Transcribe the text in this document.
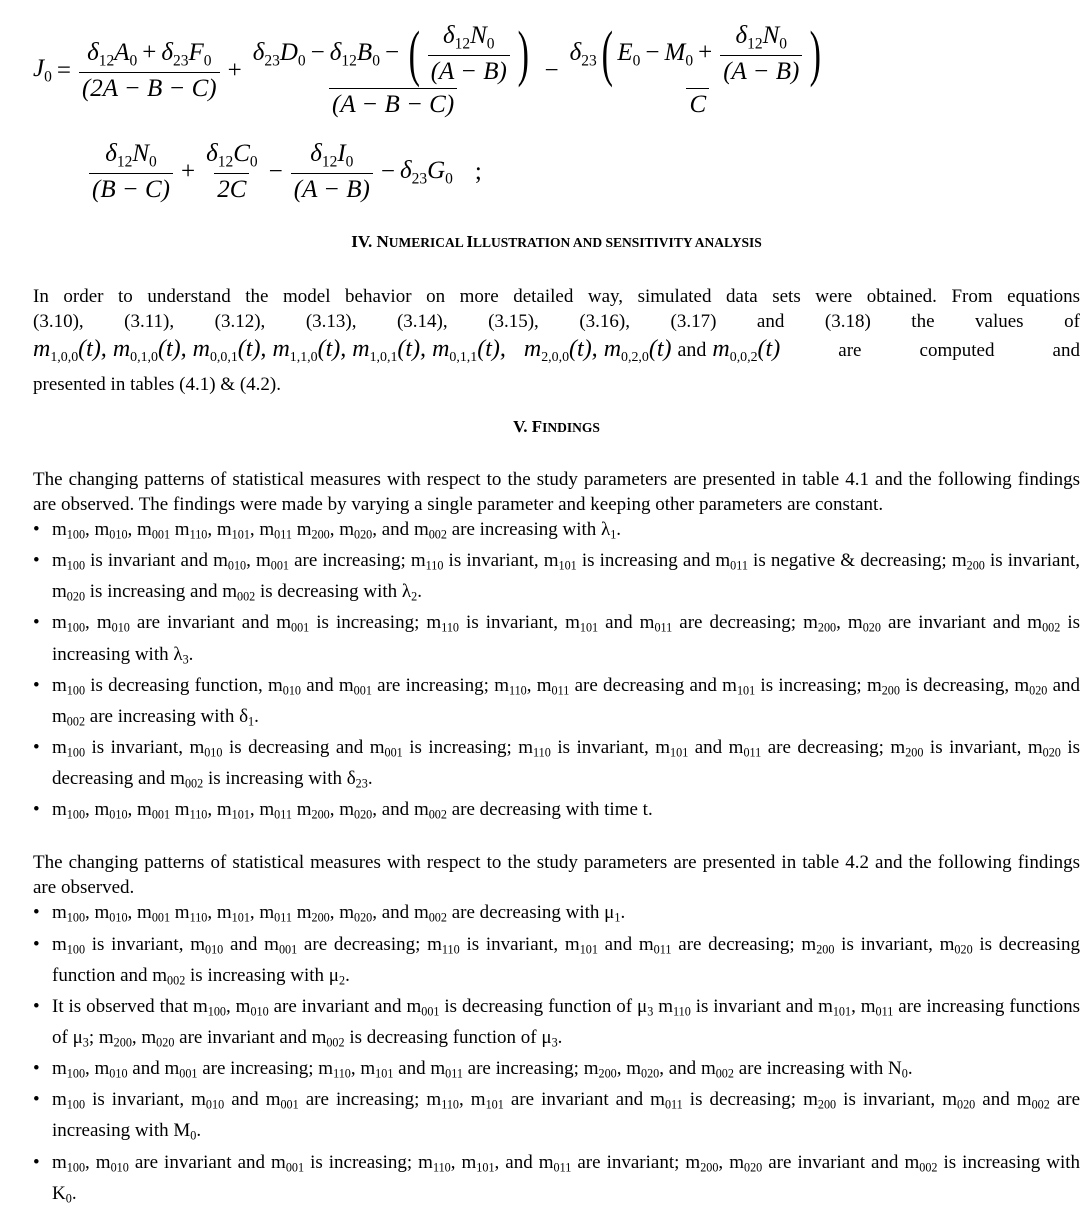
$J_0 = \frac{\delta_{12}A_0 + \delta_{23}F_0}{(2A - B - C)}$ +
$\delta_{23}D_0 - \delta_{12}B_0$ − ( $\frac{\delta_{12}N_0}{(A - B)}$ )
(A − B − C)
−
$\delta_{23}$ ( $E_0 - M_0 + \frac{\delta_{12}N_0}{(A - B)}$ )
C
$\frac{\delta_{12}N_0}{(B - C)} + \frac{\delta_{12}C_0}{2C} - \frac{\delta_{12}I_0}{(A - B)} - \delta_{23}G_0$ ;
IV. NUMERICAL ILLUSTRATION AND SENSITIVITY ANALYSIS

In order to understand the model behavior on more detailed way, simulated data sets were obtained. From equations

(3.10), (3.11), (3.12), (3.13), (3.14), (3.15), (3.16), (3.17) and (3.18) the values of
$m_{1,0,0}(t)$, $m_{0,1,0}(t)$, $m_{0,0,1}(t)$, $m_{1,1,0}(t)$, $m_{1,0,1}(t)$, $m_{0,1,1}(t)$,   $m_{2,0,0}(t)$, $m_{0,2,0}(t)$ and $m_{0,0,2}(t)$	are	computed	and

presented in tables (4.1) & (4.2).

V. FINDINGS

The changing patterns of statistical measures with respect to the study parameters are presented in table 4.1 and the following findings are observed. The findings were made by varying a single parameter and keeping other parameters are constant.

• m100, m010, m001 m110, m101, m011 m200, m020, and m002 are increasing with λ1.
• m100 is invariant and m010, m001 are increasing; m110 is invariant, m101 is increasing and m011 is negative & decreasing; m200 is invariant, m020 is increasing and m002 is decreasing with λ2.
• m100, m010 are invariant and m001 is increasing; m110 is invariant, m101 and m011 are decreasing; m200, m020 are invariant and m002 is increasing with λ3.
• m100 is decreasing function, m010 and m001 are increasing; m110, m011 are decreasing and m101 is increasing; m200 is decreasing, m020 and m002 are increasing with δ1.
• m100 is invariant, m010 is decreasing and m001 is increasing; m110 is invariant, m101 and m011 are decreasing; m200 is invariant, m020 is decreasing and m002 is increasing with δ23.
• m100, m010, m001 m110, m101, m011 m200, m020, and m002 are decreasing with time t.

The changing patterns of statistical measures with respect to the study parameters are presented in table 4.2 and the following findings are observed.

• m100, m010, m001 m110, m101, m011 m200, m020, and m002 are decreasing with μ1.
• m100 is invariant, m010 and m001 are decreasing; m110 is invariant, m101 and m011 are decreasing; m200 is invariant, m020 is decreasing function and m002 is increasing with μ2.
• It is observed that m100, m010 are invariant and m001 is decreasing function of μ3 m110 is invariant and m101, m011 are increasing functions of μ3; m200, m020 are invariant and m002 is decreasing function of μ3.
• m100, m010 and m001 are increasing; m110, m101 and m011 are increasing; m200, m020, and m002 are increasing with N0.
• m100 is invariant, m010 and m001 are increasing; m110, m101 are invariant and m011 is decreasing; m200 is invariant, m020 and m002 are increasing with M0.
• m100, m010 are invariant and m001 is increasing; m110, m101, and m011 are invariant; m200, m020 are invariant and m002 is increasing with K0.
